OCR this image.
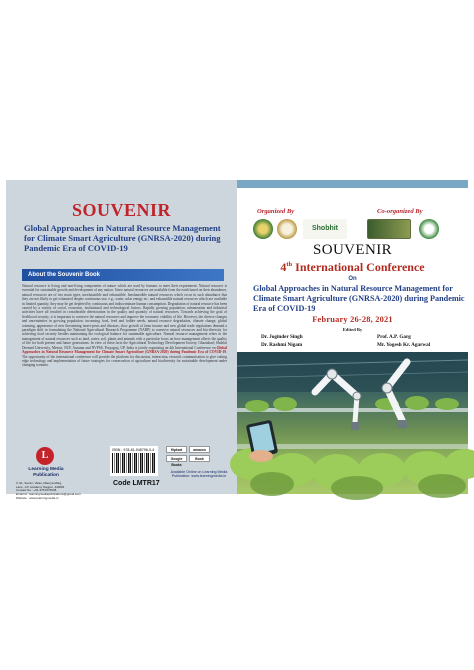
SOUVENIR
Global Approaches in Natural Resource Management for Climate Smart Agriculture (GNRSA-2020) during Pandemic Era of COVID-19
About the Souvenir Book

Natural resource is living and non-living components of nature which are used by humans to meet their requirement. Natural resource is essential for sustainable growth and development of any nation. Since natural resources are available from the earth based on their abundance, natural resources are of two main types, inexhaustible and exhaustible. Inexhaustible natural resources which occur in such abundance that they are not likely to get exhausted despite continuous use, e.g., water, solar energy etc. and exhaustible natural resources which are available in limited quantity, they may be get depleted by continuous and indiscriminate human consumption. Degradation of natural resource has been caused by a variety of social, economic, institutional and technological factors. Rapidly growing population, urbanization and industrial activities have all resulted in considerable deterioration in the quality and quantity of natural resources. Towards achieving the goal of livelihood security, it is important to conserve the natural resources and improve the economic viability of life. However, the diverse changes and uncertainties in growing population, increasing food, feed and fodder needs, natural resource degradation, climate change, global warming, appearance of new threatening insect-pests and diseases, slow growth of farm income and new global trade regulations demand a paradigm shift in formulating the National Agricultural Research Programme (NARP) to conserve natural resources and bio-diversity for achieving food security besides maintaining the ecological balance for sustainable agriculture. Natural resource management refers to the management of natural resources such as land, water, soil, plants and animals with a particular focus on how management affects the quality of life for both present and future generations. In view of these facts the Agricultural Technology Development Society, Ghaziabad; Shobhit Deemed University, Meerut, NCF, Autumn and NVPSS, Prayagraj, UP, India is jointly organizing an 4th International Conference on Global Approaches in Natural Resource Management for Climate Smart Agriculture (GNRSA-2020) during Pandemic Era of COVID-19. The opportunity of the international conference will provide the platform for discussion, interaction, research communication to give cutting edge technology and implementation of future strategies for conservation of agriculture and biodiversity for sustainable development under changing scenario.

L
Learning Media Publication
V, 91, Sector, Vikas, Maurya Marg,
Lane, J.P. Academy Nagpur, 440081
Contact No.: +91-9767976638
Email id : learningmediapublications@gmail.com
Website : www.learningmedia.in
ISBN : 978-81-948796-0-4
Code LMTR17
flipkart	amazon
Google Books
Book
Available Online on Learning Media Publication: www.learningmedia.in
Organized By	Co-organized By
Shobhit
SOUVENIR
4th International Conference
On
Global Approaches in Natural Resource Management for Climate Smart Agriculture (GNRSA-2020) during Pandemic Era of COVID-19
February 26-28, 2021
Edited By
Dr. Joginder Singh	Prof. A.P. Garg
Dr. Rashmi Nigam	Mr. Yogesh Kr. Agarwal
